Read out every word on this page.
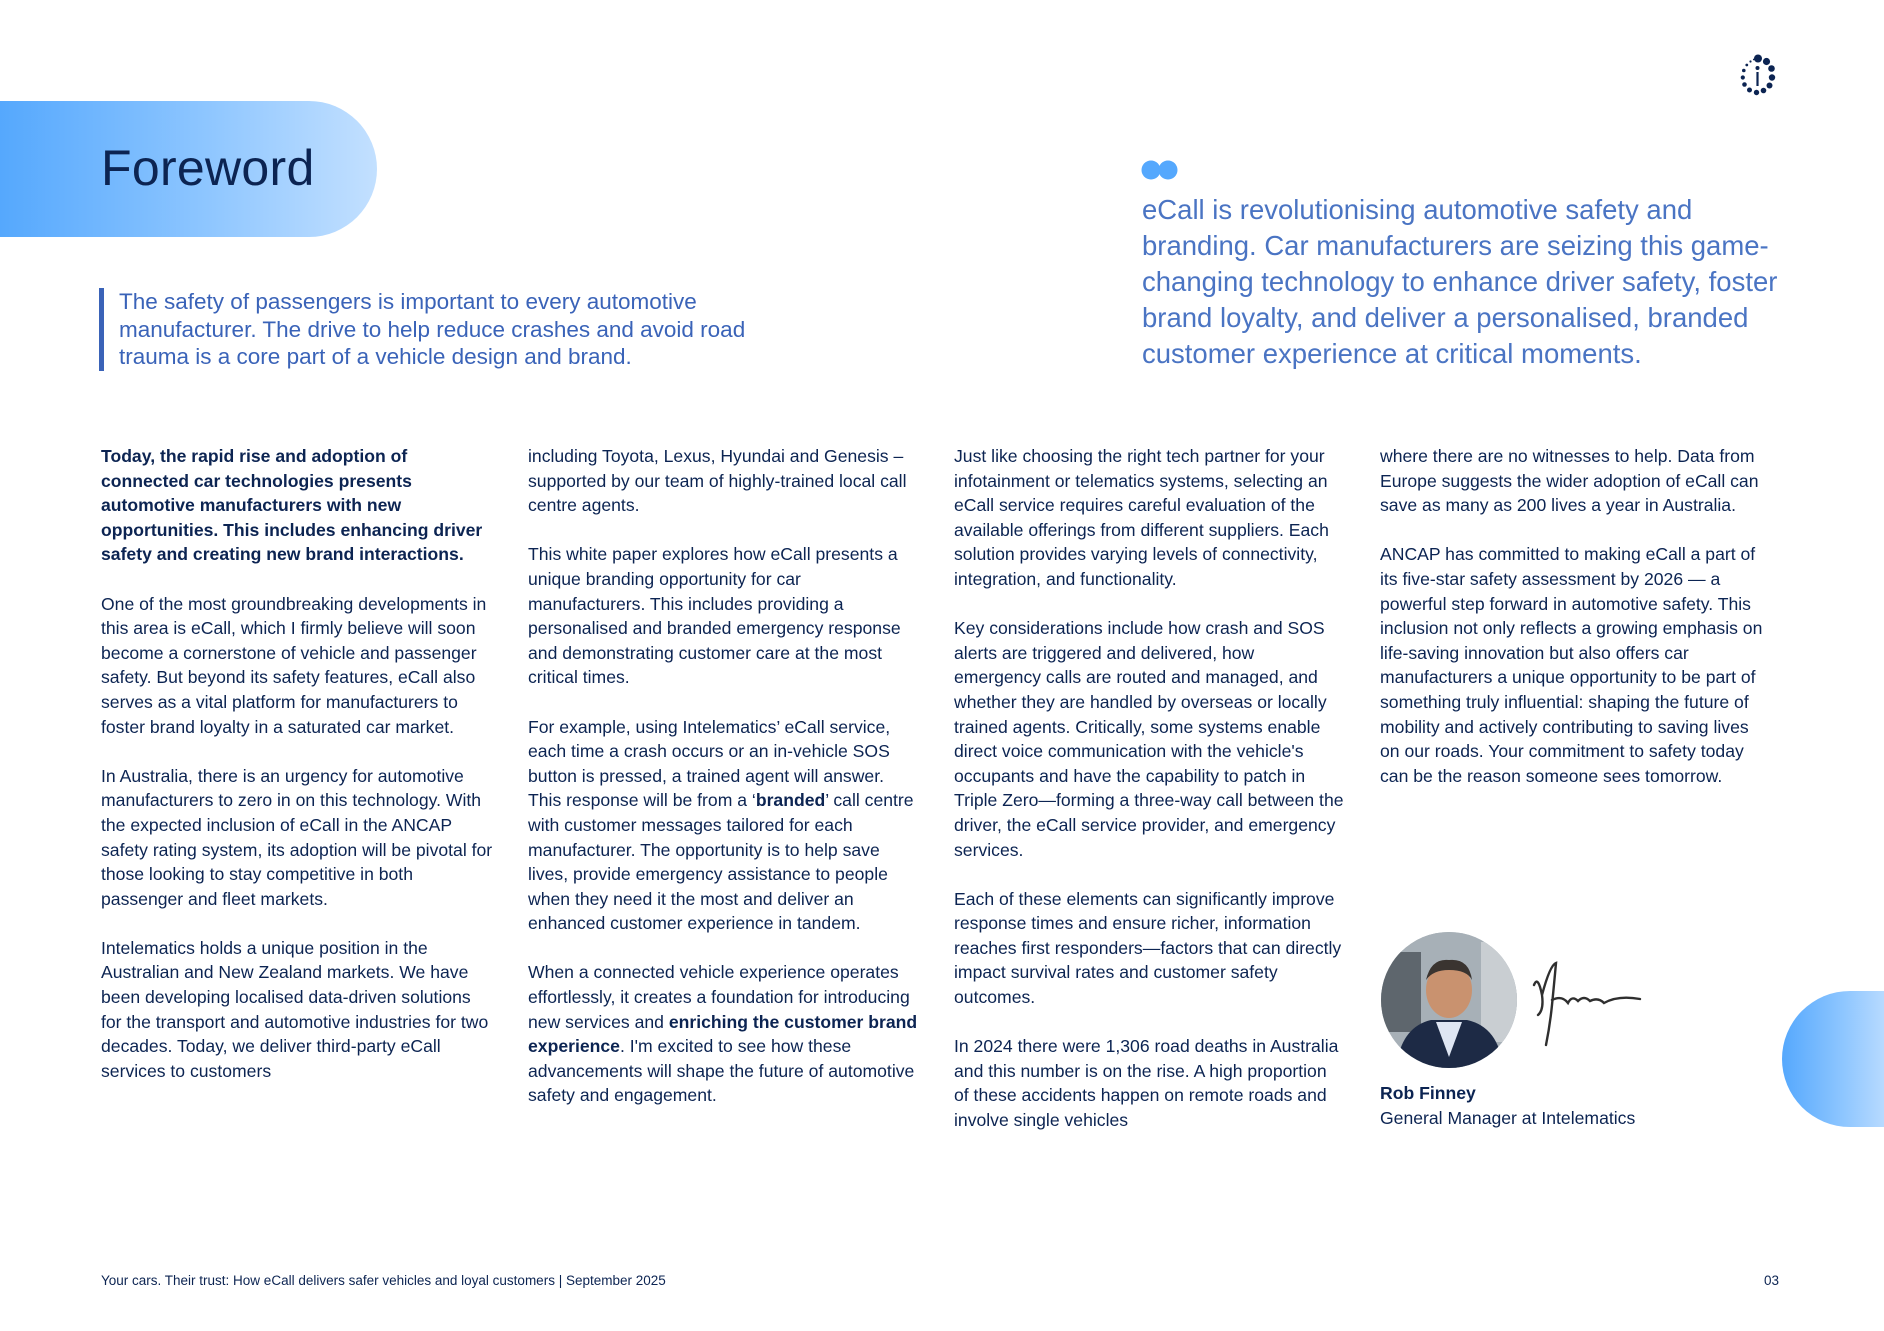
Foreword
The safety of passengers is important to every automotive manufacturer. The drive to help reduce crashes and avoid road trauma is a core part of a vehicle design and brand.
eCall is revolutionising automotive safety and branding. Car manufacturers are seizing this game-changing technology to enhance driver safety, foster brand loyalty, and deliver a personalised, branded customer experience at critical moments.

Today, the rapid rise and adoption of connected car technologies presents automotive manufacturers with new opportunities. This includes enhancing driver safety and creating new brand interactions.

One of the most groundbreaking developments in this area is eCall, which I firmly believe will soon become a cornerstone of vehicle and passenger safety. But beyond its safety features, eCall also serves as a vital platform for manufacturers to foster brand loyalty in a saturated car market.

In Australia, there is an urgency for automotive manufacturers to zero in on this technology. With the expected inclusion of eCall in the ANCAP safety rating system, its adoption will be pivotal for those looking to stay competitive in both passenger and fleet markets.

Intelematics holds a unique position in the Australian and New Zealand markets. We have been developing localised data-driven solutions for the transport and automotive industries for two decades. Today, we deliver third-party eCall services to customers

including Toyota, Lexus, Hyundai and Genesis – supported by our team of highly-trained local call centre agents.

This white paper explores how eCall presents a unique branding opportunity for car manufacturers. This includes providing a personalised and branded emergency response and demonstrating customer care at the most critical times.

For example, using Intelematics’ eCall service, each time a crash occurs or an in-vehicle SOS button is pressed, a trained agent will answer. This response will be from a ‘branded’ call centre with customer messages tailored for each manufacturer. The opportunity is to help save lives, provide emergency assistance to people when they need it the most and deliver an enhanced customer experience in tandem.

When a connected vehicle experience operates effortlessly, it creates a foundation for introducing new services and enriching the customer brand experience. I'm excited to see how these advancements will shape the future of automotive safety and engagement.

Just like choosing the right tech partner for your infotainment or telematics systems, selecting an eCall service requires careful evaluation of the available offerings from different suppliers. Each solution provides varying levels of connectivity, integration, and functionality.

Key considerations include how crash and SOS alerts are triggered and delivered, how emergency calls are routed and managed, and whether they are handled by overseas or locally trained agents. Critically, some systems enable direct voice communication with the vehicle's occupants and have the capability to patch in Triple Zero—forming a three-way call between the driver, the eCall service provider, and emergency services.

Each of these elements can significantly improve response times and ensure richer, information reaches first responders—factors that can directly impact survival rates and customer safety outcomes.

In 2024 there were 1,306 road deaths in Australia and this number is on the rise. A high proportion of these accidents happen on remote roads and involve single vehicles

where there are no witnesses to help. Data from Europe suggests the wider adoption of eCall can save as many as 200 lives a year in Australia.

ANCAP has committed to making eCall a part of its five-star safety assessment by 2026 — a powerful step forward in automotive safety. This inclusion not only reflects a growing emphasis on life-saving innovation but also offers car manufacturers a unique opportunity to be part of something truly influential: shaping the future of mobility and actively contributing to saving lives on our roads. Your commitment to safety today can be the reason someone sees tomorrow.

Rob Finney
General Manager at Intelematics
Your cars. Their trust: How eCall delivers safer vehicles and loyal customers | September 2025	03
